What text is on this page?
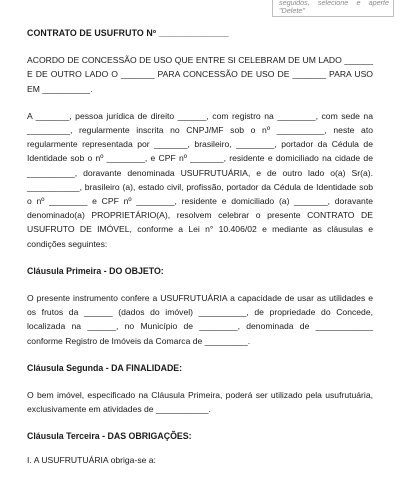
seguidos, selecione e aperte "Delete"

CONTRATO DE USUFRUTO Nº ______________

ACORDO DE CONCESSÃO DE USO QUE ENTRE SI CELEBRAM DE UM LADO ______ E DE OUTRO LADO O _______ PARA CONCESSÃO DE USO DE _______ PARA USO EM __________.

A _______, pessoa jurídica de direito ______, com registro na ________, com sede na _________, regularmente inscrita no CNPJ/MF sob o nº __________, neste ato regularmente representada por _______, brasileiro, ________, portador da Cédula de Identidade sob o nº ________, e CPF nº _______, residente e domiciliado na cidade de __________, doravante denominada USUFRUTUÁRIA, e de outro lado o(a) Sr(a). ___________, brasileiro (a), estado civil, profissão, portador da Cédula de Identidade sob o nº ________ e CPF nº ________, residente e domiciliado (a) _______, doravante denominado(a) PROPRIETÁRIO(A), resolvem celebrar o presente CONTRATO DE USUFRUTO DE IMÓVEL, conforme a Lei n° 10.406/02 e mediante as cláusulas e condições seguintes:

Cláusula Primeira - DO OBJETO:

O presente instrumento confere a USUFRUTUÁRIA a capacidade de usar as utilidades e os frutos da ______ (dados do imóvel) __________, de propriedade do Concede, localizada na ______, no Município de ________, denominada de ____________ conforme Registro de Imóveis da Comarca de _________.

Cláusula Segunda - DA FINALIDADE:

O bem imóvel, especificado na Cláusula Primeira, poderá ser utilizado pela usufrutuária, exclusivamente em atividades de ___________.

Cláusula Terceira - DAS OBRIGAÇÕES:

I. A USUFRUTUÁRIA obriga-se a:
